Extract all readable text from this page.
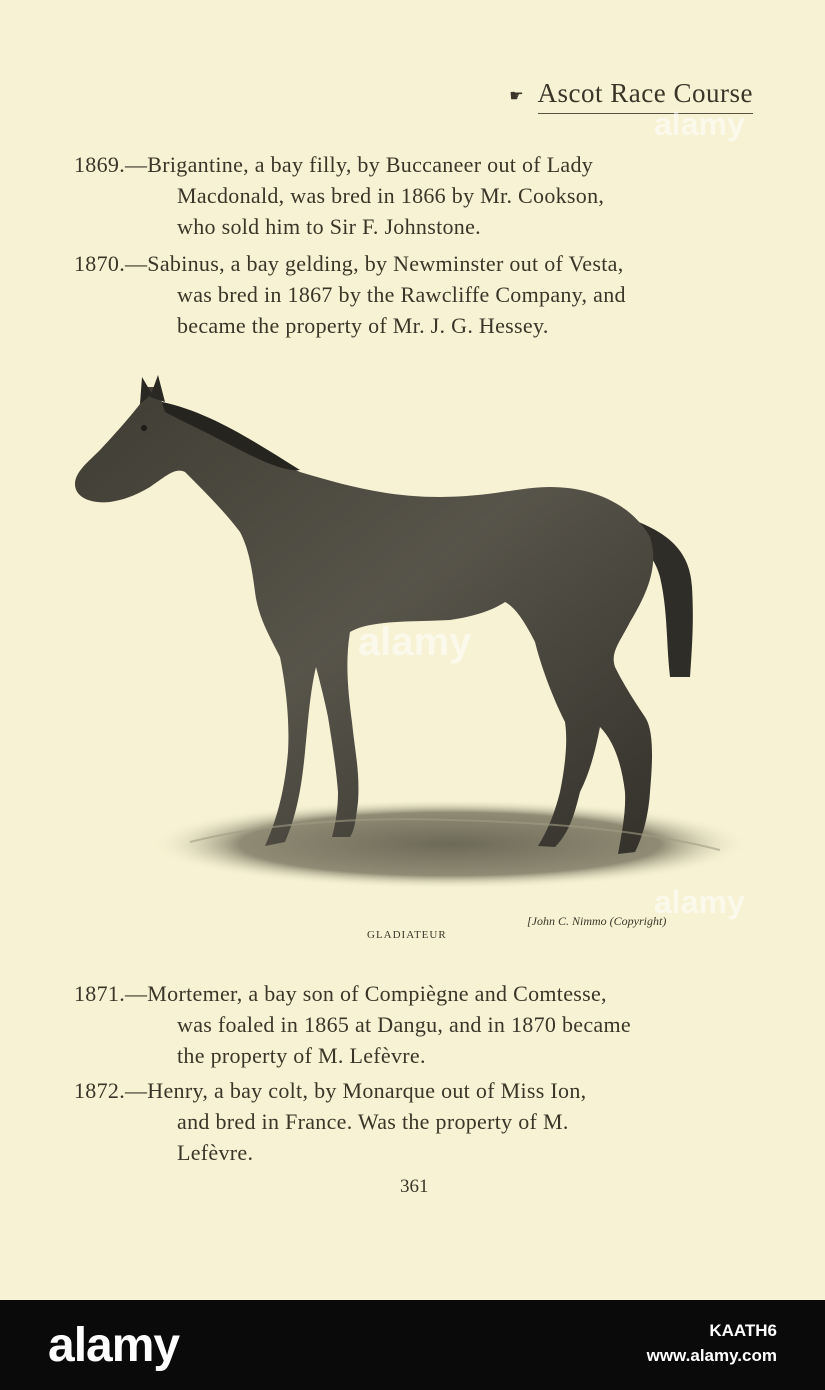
☛ Ascot Race Course
1869.—Brigantine, a bay filly, by Buccaneer out of Lady
Macdonald, was bred in 1866 by Mr. Cookson,
who sold him to Sir F. Johnstone.
1870.—Sabinus, a bay gelding, by Newminster out of Vesta,
was bred in 1867 by the Rawcliffe Company, and
became the property of Mr. J. G. Hessey.
[John C. Nimmo (Copyright)
GLADIATEUR
1871.—Mortemer, a bay son of Compiègne and Comtesse,
was foaled in 1865 at Dangu, and in 1870 became
the property of M. Lefèvre.
1872.—Henry, a bay colt, by Monarque out of Miss Ion,
and bred in France. Was the property of M.
Lefèvre.
361
alamy
alamy
alamy
alamy	KAATH6
www.alamy.com
